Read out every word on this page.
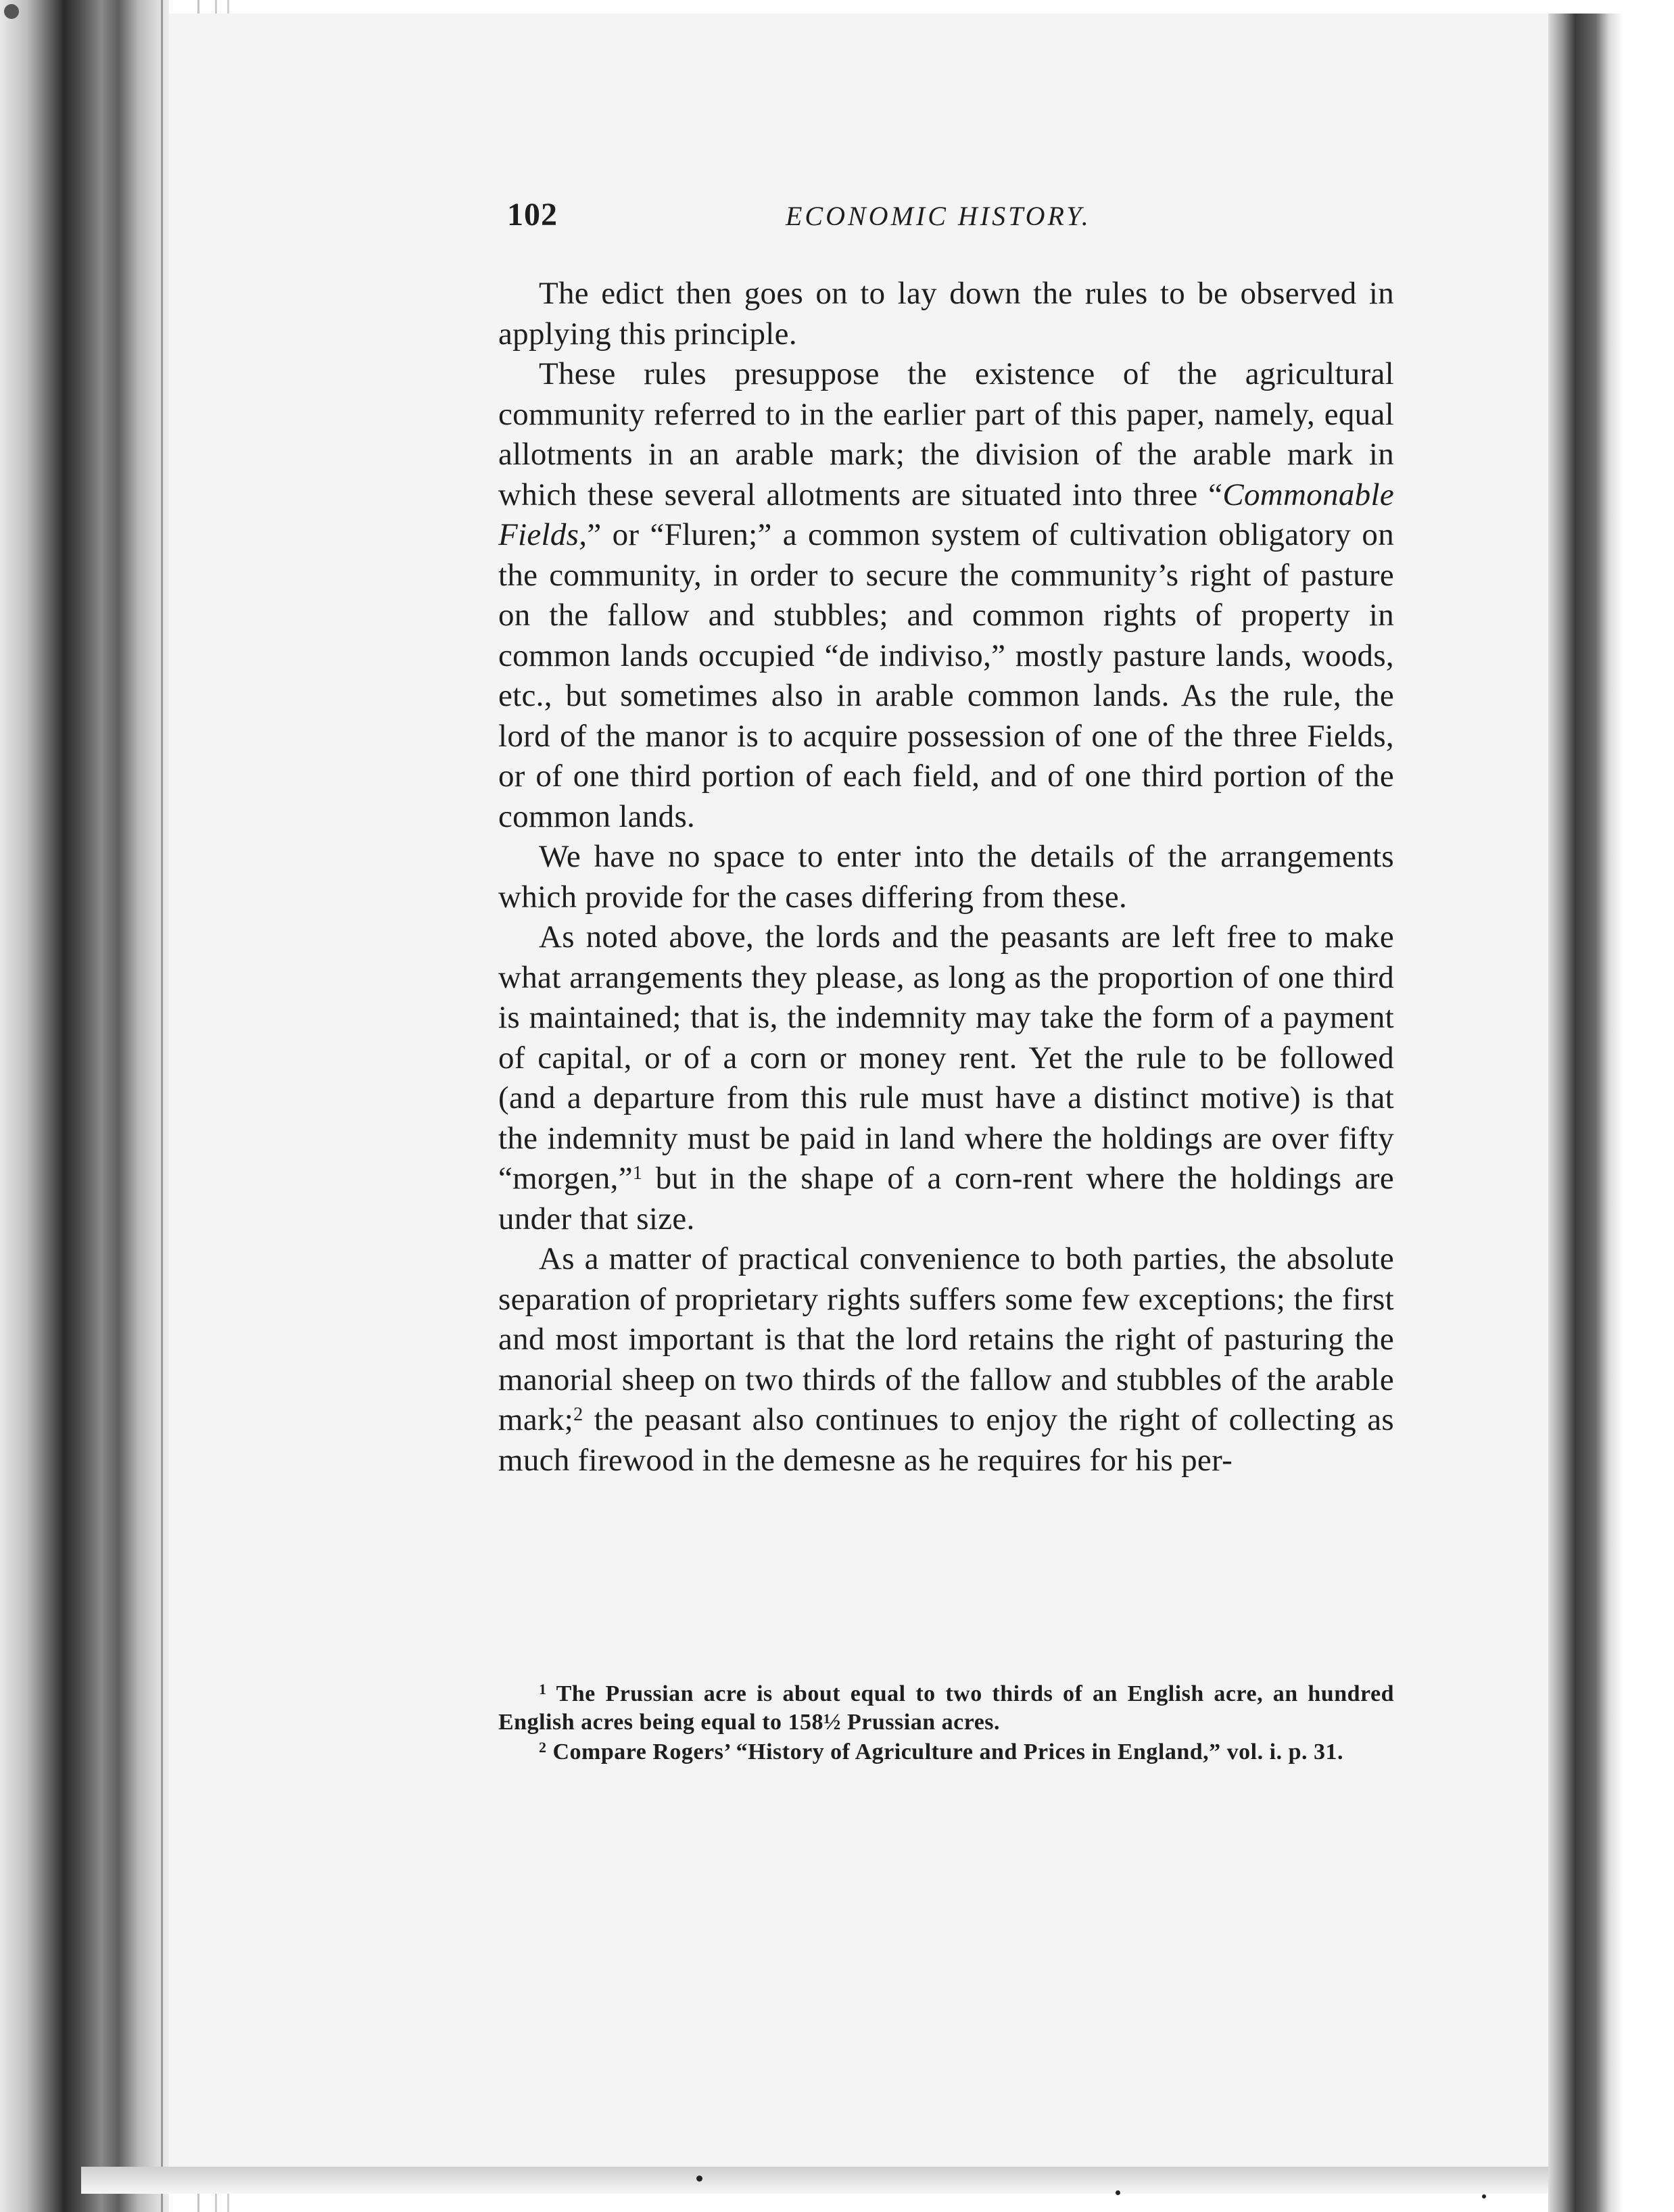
102	ECONOMIC HISTORY.

The edict then goes on to lay down the rules to be observed in applying this principle.

These rules presuppose the existence of the agricultural community referred to in the earlier part of this paper, namely, equal allotments in an arable mark; the division of the arable mark in which these several allotments are situated into three “Commonable Fields,” or “Fluren;” a common system of cultivation obligatory on the community, in order to secure the community’s right of pasture on the fallow and stubbles; and common rights of property in common lands occupied “de indiviso,” mostly pasture lands, woods, etc., but sometimes also in arable common lands. As the rule, the lord of the manor is to acquire possession of one of the three Fields, or of one third portion of each field, and of one third portion of the common lands.

We have no space to enter into the details of the arrangements which provide for the cases differing from these.

As noted above, the lords and the peasants are left free to make what arrangements they please, as long as the proportion of one third is maintained; that is, the indemnity may take the form of a payment of capital, or of a corn or money rent. Yet the rule to be followed (and a departure from this rule must have a distinct motive) is that the indemnity must be paid in land where the holdings are over fifty “morgen,”$^1$ but in the shape of a corn-rent where the holdings are under that size.

As a matter of practical convenience to both parties, the absolute separation of proprietary rights suffers some few exceptions; the first and most important is that the lord retains the right of pasturing the manorial sheep on two thirds of the fallow and stubbles of the arable mark;$^2$ the peasant also continues to enjoy the right of collecting as much firewood in the demesne as he requires for his per-

$^1$ The Prussian acre is about equal to two thirds of an English acre, an hundred English acres being equal to 158½ Prussian acres.

$^2$ Compare Rogers’ “History of Agriculture and Prices in England,” vol. i. p. 31.
